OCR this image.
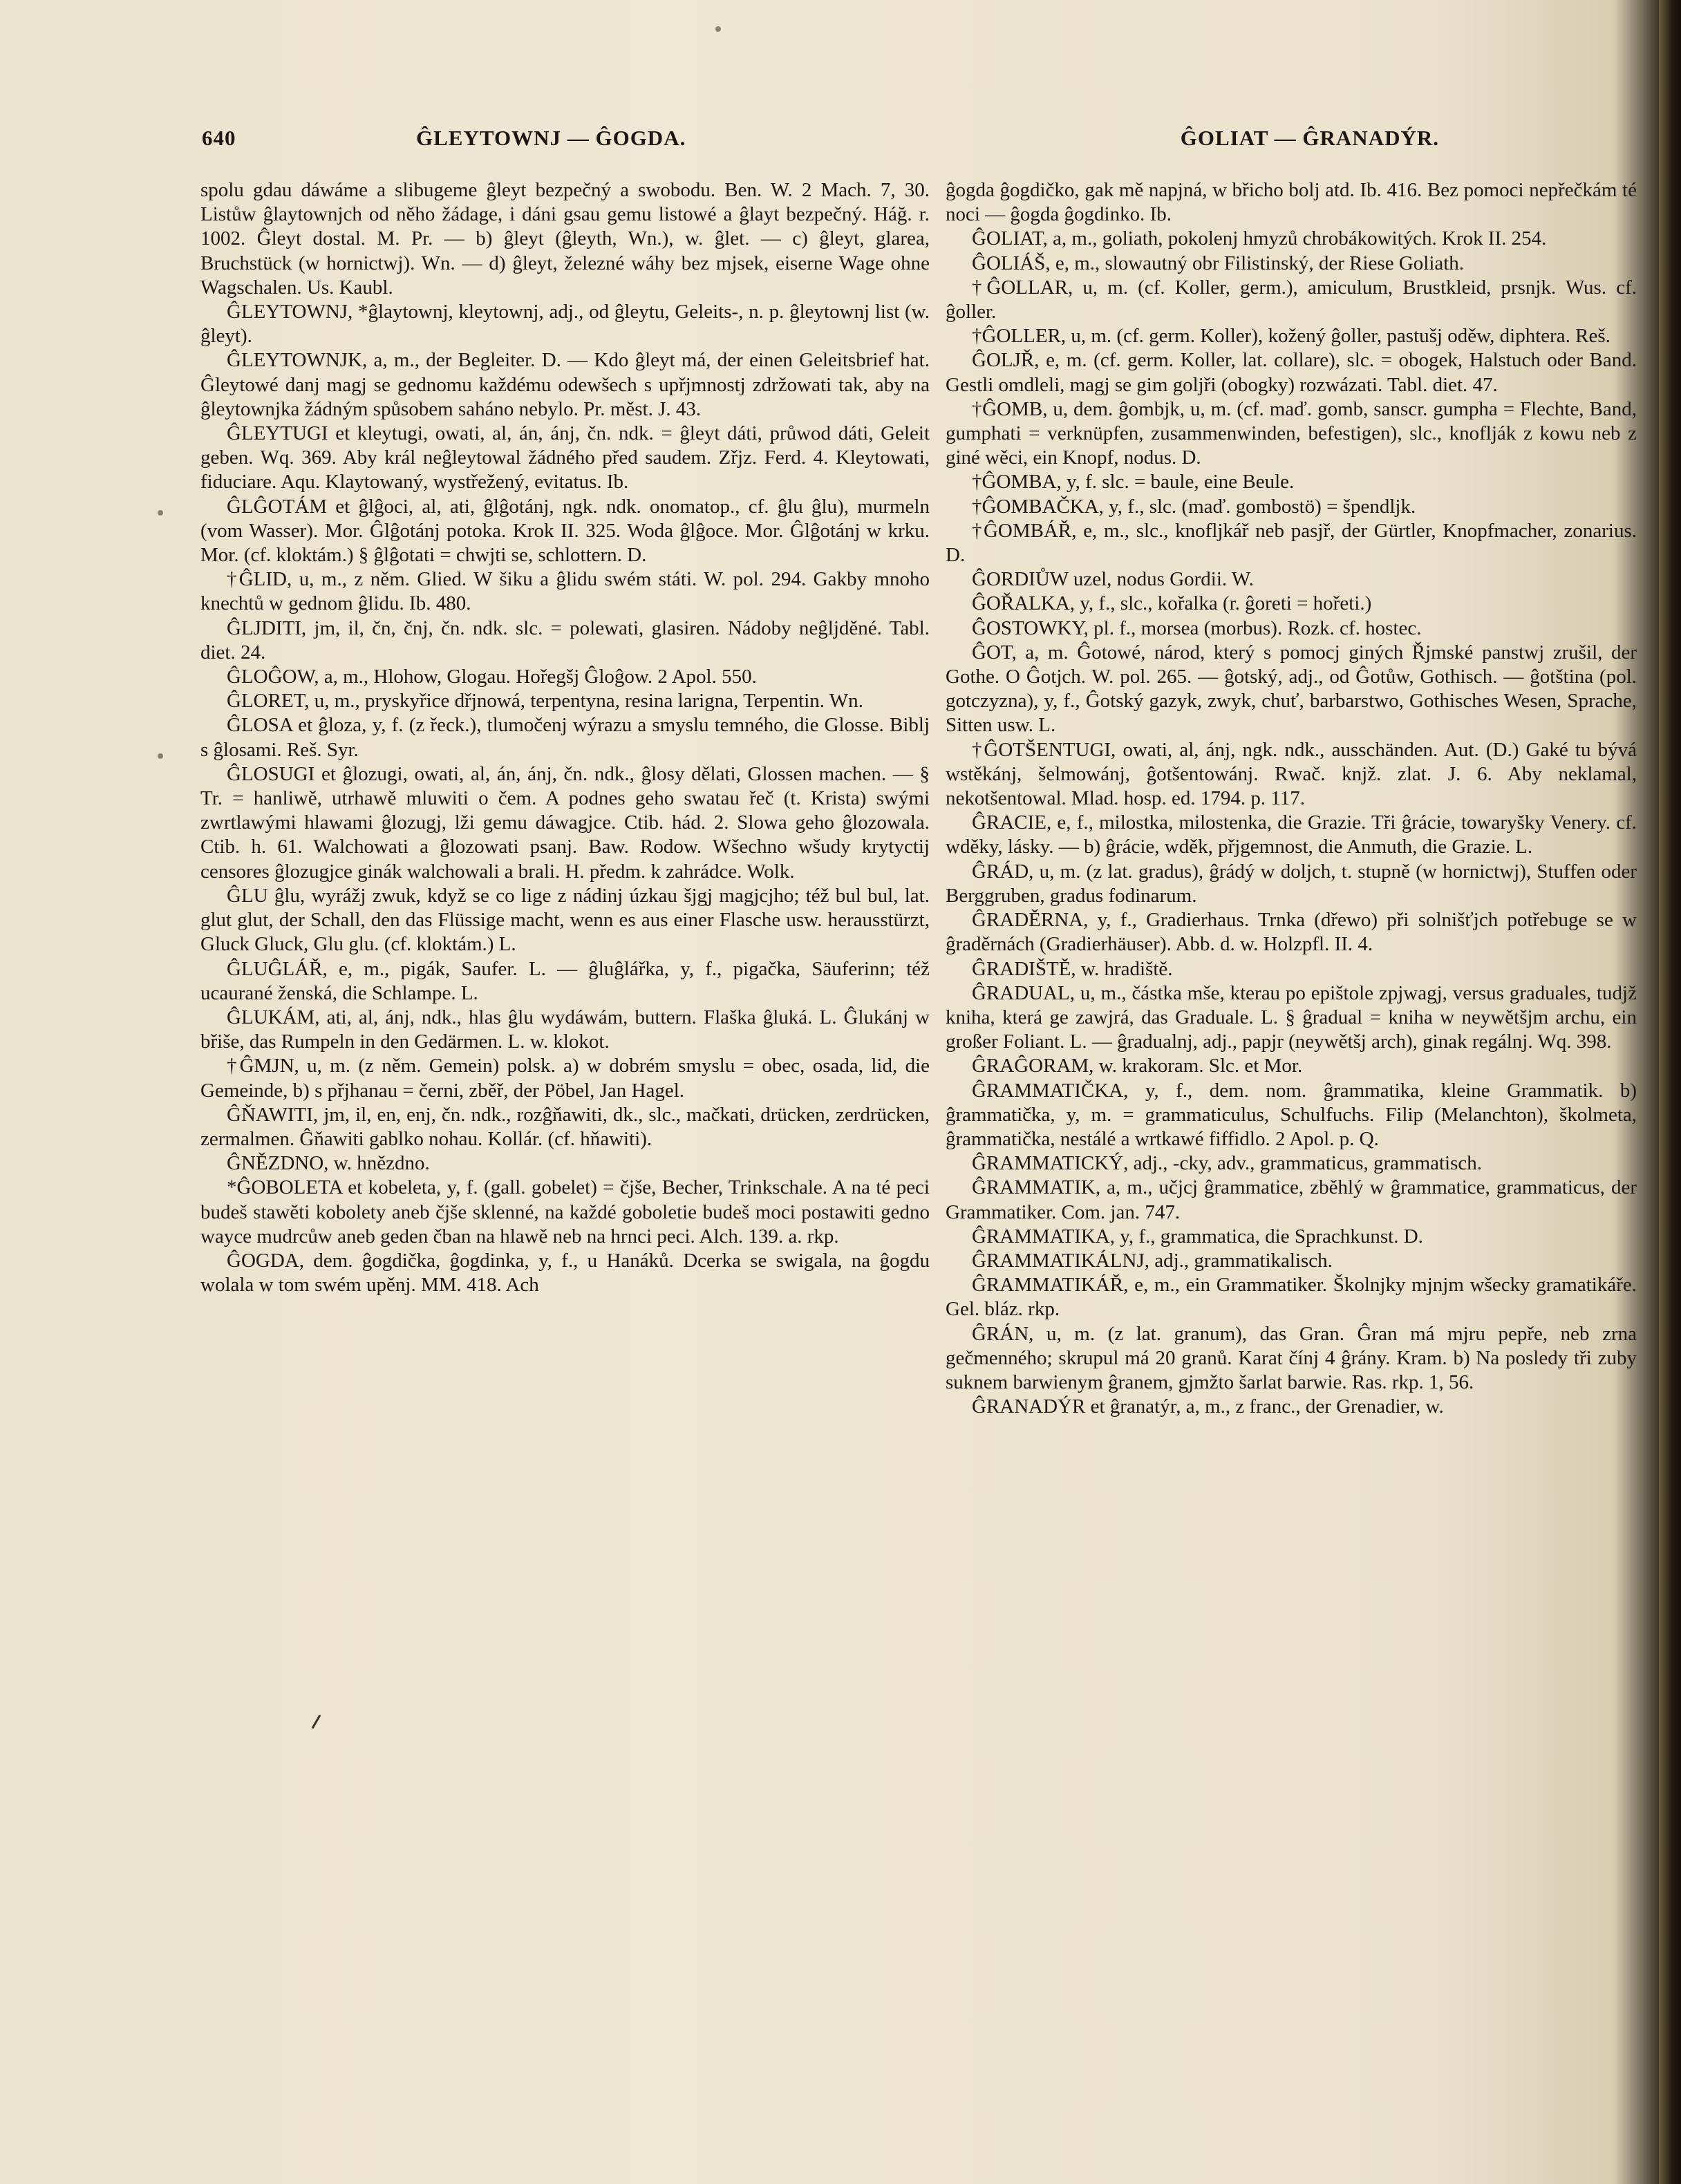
640	ĜLEYTOWNJ — ĜOGDA.	ĜOLIAT — ĜRANADÝR.

spolu gdau dáwáme a slibugeme ĝleyt bezpečný a swobodu. Ben. W. 2 Mach. 7, 30. Listůw ĝlaytownjch od něho žádage, i dáni gsau gemu listowé a ĝlayt bezpečný. Háğ. r. 1002. Ĝleyt dostal. M. Pr. — b) ĝleyt (ĝleyth, Wn.), w. ĝlet. — c) ĝleyt, glarea, Bruchstück (w hornictwj). Wn. — d) ĝleyt, železné wáhy bez mjsek, eiserne Wage ohne Wagschalen. Us. Kaubl.

ĜLEYTOWNJ, *ĝlaytownj, kleytownj, adj., od ĝleytu, Geleits-, n. p. ĝleytownj list (w. ĝleyt).

ĜLEYTOWNJK, a, m., der Begleiter. D. — Kdo ĝleyt má, der einen Geleitsbrief hat. Ĝleytowé danj magj se gednomu každému odewšech s upřjmnostj zdržowati tak, aby na ĝleytownjka žádným spůsobem saháno nebylo. Pr. měst. J. 43.

ĜLEYTUGI et kleytugi, owati, al, án, ánj, čn. ndk. = ĝleyt dáti, průwod dáti, Geleit geben. Wq. 369. Aby král neĝleytowal žádného před saudem. Zřjz. Ferd. 4. Kleytowati, fiduciare. Aqu. Klaytowaný, wystřežený, evitatus. Ib.

ĜLĜOTÁM et ĝlĝoci, al, ati, ĝlĝotánj, ngk. ndk. onomatop., cf. ĝlu ĝlu), murmeln (vom Wasser). Mor. Ĝlĝotánj potoka. Krok II. 325. Woda ĝlĝoce. Mor. Ĝlĝotánj w krku. Mor. (cf. kloktám.) § ĝlĝotati = chwjti se, schlottern. D.

†ĜLID, u, m., z něm. Glied. W šiku a ĝlidu swém státi. W. pol. 294. Gakby mnoho knechtů w gednom ĝlidu. Ib. 480.

ĜLJDITI, jm, il, čn, čnj, čn. ndk. slc. = polewati, glasiren. Nádoby neĝljděné. Tabl. diet. 24.

ĜLOĜOW, a, m., Hlohow, Glogau. Hořegšj Ĝloĝow. 2 Apol. 550.

ĜLORET, u, m., pryskyřice dřjnowá, terpentyna, resina larigna, Terpentin. Wn.

ĜLOSA et ĝloza, y, f. (z řeck.), tlumočenj wýrazu a smyslu temného, die Glosse. Biblj s ĝlosami. Reš. Syr.

ĜLOSUGI et ĝlozugi, owati, al, án, ánj, čn. ndk., ĝlosy dělati, Glossen machen. — § Tr. = hanliwě, utrhawě mluwiti o čem. A podnes geho swatau řeč (t. Krista) swými zwrtlawými hlawami ĝlozugj, lži gemu dáwagjce. Ctib. hád. 2. Slowa geho ĝlozowala. Ctib. h. 61. Walchowati a ĝlozowati psanj. Baw. Rodow. Wšechno wšudy krytyctij censores ĝlozugjce ginák walchowali a brali. H. předm. k zahrádce. Wolk.

ĜLU ĝlu, wyrážj zwuk, když se co lige z nádinj úzkau šjgj magjcjho; též bul bul, lat. glut glut, der Schall, den das Flüssige macht, wenn es aus einer Flasche usw. herausstürzt, Gluck Gluck, Glu glu. (cf. kloktám.) L.

ĜLUĜLÁŘ, e, m., pigák, Saufer. L. — ĝluĝlářka, y, f., pigačka, Säuferinn; též ucaurané ženská, die Schlampe. L.

ĜLUKÁM, ati, al, ánj, ndk., hlas ĝlu wydáwám, buttern. Flaška ĝluká. L. Ĝlukánj w břiše, das Rumpeln in den Gedärmen. L. w. klokot.

†ĜMJN, u, m. (z něm. Gemein) polsk. a) w dobrém smyslu = obec, osada, lid, die Gemeinde, b) s přjhanau = černi, zběř, der Pöbel, Jan Hagel.

ĜŇAWITI, jm, il, en, enj, čn. ndk., rozĝňawiti, dk., slc., mačkati, drücken, zerdrücken, zermalmen. Ĝňawiti gablko nohau. Kollár. (cf. hňawiti).

ĜNĚZDNO, w. hnězdno.

*ĜOBOLETA et kobeleta, y, f. (gall. gobelet) = čjše, Becher, Trinkschale. A na té peci budeš stawěti kobolety aneb čjše sklenné, na každé goboletie budeš moci postawiti gedno wayce mudrcůw aneb geden čban na hlawě neb na hrnci peci. Alch. 139. a. rkp.

ĜOGDA, dem. ĝogdička, ĝogdinka, y, f., u Hanáků. Dcerka se swigala, na ĝogdu wolala w tom swém upěnj. MM. 418. Ach

ĝogda ĝogdičko, gak mě napjná, w břicho bolj atd. Ib. 416. Bez pomoci nepřečkám té noci — ĝogda ĝogdinko. Ib.

ĜOLIAT, a, m., goliath, pokolenj hmyzů chrobákowitých. Krok II. 254.

ĜOLIÁŠ, e, m., slowautný obr Filistinský, der Riese Goliath.

†ĜOLLAR, u, m. (cf. Koller, germ.), amiculum, Brustkleid, prsnjk. Wus. cf. ĝoller.

†ĜOLLER, u, m. (cf. germ. Koller), kožený ĝoller, pastušj oděw, diphtera. Reš.

ĜOLJŘ, e, m. (cf. germ. Koller, lat. collare), slc. = obogek, Halstuch oder Band. Gestli omdleli, magj se gim goljři (obogky) rozwázati. Tabl. diet. 47.

†ĜOMB, u, dem. ĝombjk, u, m. (cf. maď. gomb, sanscr. gumpha = Flechte, Band, gumphati = verknüpfen, zusammenwinden, befestigen), slc., knoflják z kowu neb z giné wěci, ein Knopf, nodus. D.

†ĜOMBA, y, f. slc. = baule, eine Beule.

†ĜOMBAČKA, y, f., slc. (maď. gombostö) = špendljk.

†ĜOMBÁŘ, e, m., slc., knofljkář neb pasjř, der Gürtler, Knopfmacher, zonarius. D.

ĜORDIŮW uzel, nodus Gordii. W.

ĜOŘALKA, y, f., slc., kořalka (r. ĝoreti = hořeti.)

ĜOSTOWKY, pl. f., morsea (morbus). Rozk. cf. hostec.

ĜOT, a, m. Ĝotowé, národ, který s pomocj giných Řjmské panstwj zrušil, der Gothe. O Ĝotjch. W. pol. 265. — ĝotský, adj., od Ĝotůw, Gothisch. — ĝotština (pol. gotczyzna), y, f., Ĝotský gazyk, zwyk, chuť, barbarstwo, Gothisches Wesen, Sprache, Sitten usw. L.

†ĜOTŠENTUGI, owati, al, ánj, ngk. ndk., ausschänden. Aut. (D.) Gaké tu bývá wstěkánj, šelmowánj, ĝotšentowánj. Rwač. knjž. zlat. J. 6. Aby neklamal, nekotšentowal. Mlad. hosp. ed. 1794. p. 117.

ĜRACIE, e, f., milostka, milostenka, die Grazie. Tři ĝrácie, towaryšky Venery. cf. wděky, lásky. — b) ĝrácie, wděk, přjgemnost, die Anmuth, die Grazie. L.

ĜRÁD, u, m. (z lat. gradus), ĝrádý w doljch, t. stupně (w hornictwj), Stuffen oder Berggruben, gradus fodinarum.

ĜRADĚRNA, y, f., Gradierhaus. Trnka (dřewo) při solnišťjch potřebuge se w ĝraděrnách (Gradierhäuser). Abb. d. w. Holzpfl. II. 4.

ĜRADIŠTĚ, w. hradiště.

ĜRADUAL, u, m., částka mše, kterau po epištole zpjwagj, versus graduales, tudjž kniha, která ge zawjrá, das Graduale. L. § ĝradual = kniha w neywětšjm archu, ein großer Foliant. L. — ĝradualnj, adj., papjr (neywětšj arch), ginak regálnj. Wq. 398.

ĜRAĜORAM, w. krakoram. Slc. et Mor.

ĜRAMMATIČKA, y, f., dem. nom. ĝrammatika, kleine Grammatik. b) ĝrammatička, y, m. = grammaticulus, Schulfuchs. Filip (Melanchton), školmeta, ĝrammatička, nestálé a wrtkawé fiffidlo. 2 Apol. p. Q.

ĜRAMMATICKÝ, adj., -cky, adv., grammaticus, grammatisch.

ĜRAMMATIK, a, m., učjcj ĝrammatice, zběhlý w ĝrammatice, grammaticus, der Grammatiker. Com. jan. 747.

ĜRAMMATIKA, y, f., grammatica, die Sprachkunst. D.

ĜRAMMATIKÁLNJ, adj., grammatikalisch.

ĜRAMMATIKÁŘ, e, m., ein Grammatiker. Školnjky mjnjm wšecky gramatikáře. Gel. bláz. rkp.

ĜRÁN, u, m. (z lat. granum), das Gran. Ĝran má mjru pepře, neb zrna gečmenného; skrupul má 20 granů. Karat čínj 4 ĝrány. Kram. b) Na posledy tři zuby suknem barwienym ĝranem, gjmžto šarlat barwie. Ras. rkp. 1, 56.

ĜRANADÝR et ĝranatýr, a, m., z franc., der Grenadier, w.
